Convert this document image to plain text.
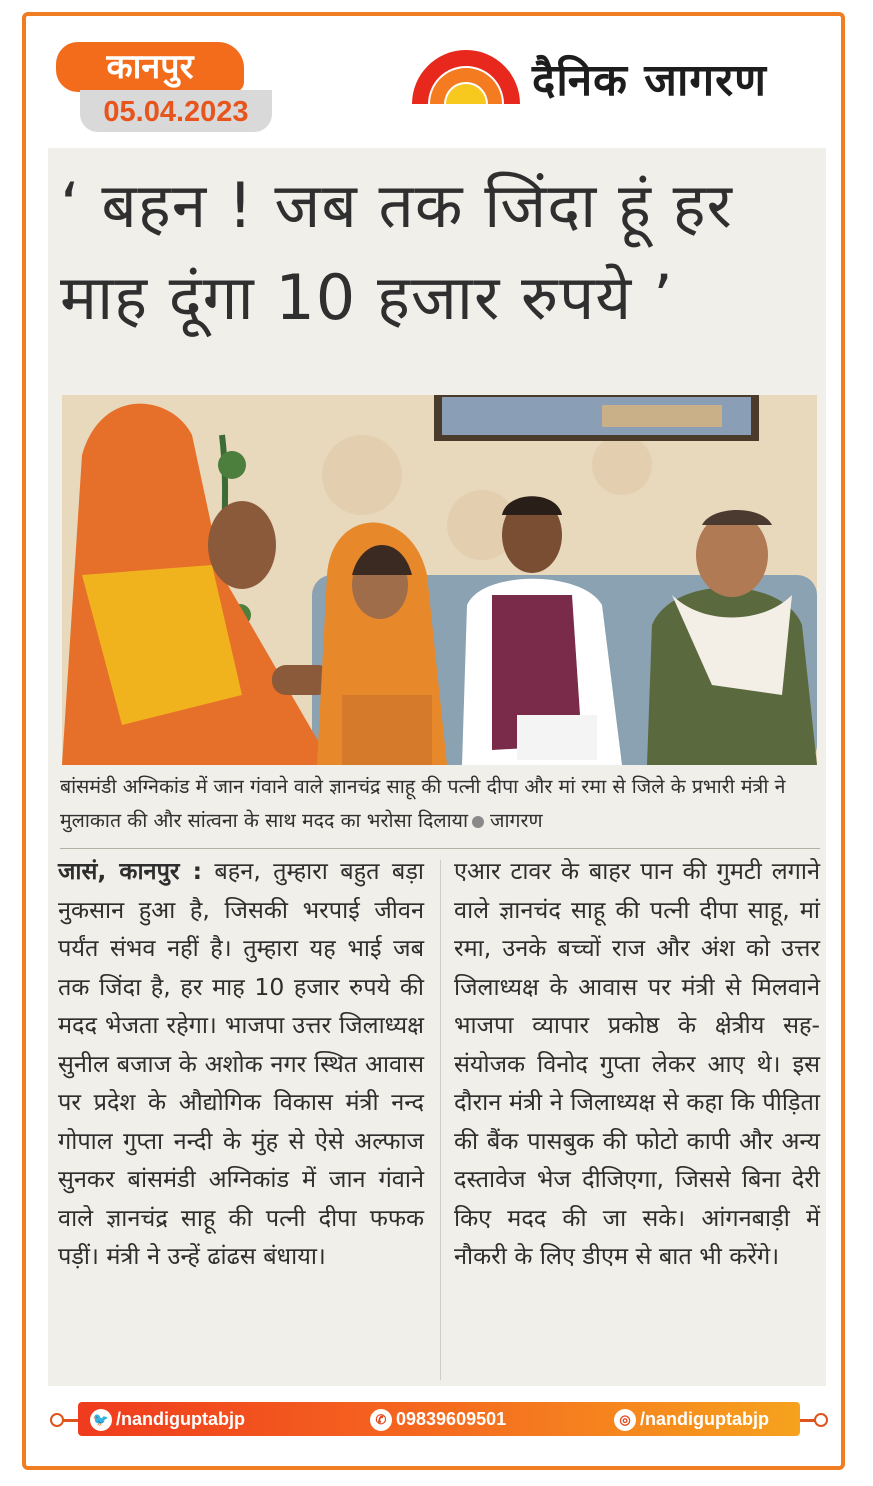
कानपुर
05.04.2023
दैनिक जागरण
‘ बहन ! जब तक जिंदा हूं हर माह दूंगा 10 हजार रुपये ’
बांसमंडी अग्निकांड में जान गंवाने वाले ज्ञानचंद्र साहू की पत्नी दीपा और मां रमा से जिले के प्रभारी मंत्री ने मुलाकात की और सांत्वना के साथ मदद का भरोसा दिलाया जागरण
जासं, कानपुर : बहन, तुम्हारा बहुत बड़ा नुकसान हुआ है, जिसकी भरपाई जीवन पर्यंत संभव नहीं है। तुम्हारा यह भाई जब तक जिंदा है, हर माह 10 हजार रुपये की मदद भेजता रहेगा। भाजपा उत्तर जिलाध्यक्ष सुनील बजाज के अशोक नगर स्थित आवास पर प्रदेश के औद्योगिक विकास मंत्री नन्द गोपाल गुप्ता नन्दी के मुंह से ऐसे अल्फाज सुनकर बांसमंडी अग्निकांड में जान गंवाने वाले ज्ञानचंद्र साहू की पत्नी दीपा फफक पड़ीं। मंत्री ने उन्हें ढांढस बंधाया।
एआर टावर के बाहर पान की गुमटी लगाने वाले ज्ञानचंद साहू की पत्नी दीपा साहू, मां रमा, उनके बच्चों राज और अंश को उत्तर जिलाध्यक्ष के आवास पर मंत्री से मिलवाने भाजपा व्यापार प्रकोष्ठ के क्षेत्रीय सह-संयोजक विनोद गुप्ता लेकर आए थे। इस दौरान मंत्री ने जिलाध्यक्ष से कहा कि पीड़िता की बैंक पासबुक की फोटो कापी और अन्य दस्तावेज भेज दीजिएगा, जिससे बिना देरी किए मदद की जा सके। आंगनबाड़ी में नौकरी के लिए डीएम से बात भी करेंगे।
🐦 /nandiguptabjp	✆ 09839609501	◎ /nandiguptabjp
